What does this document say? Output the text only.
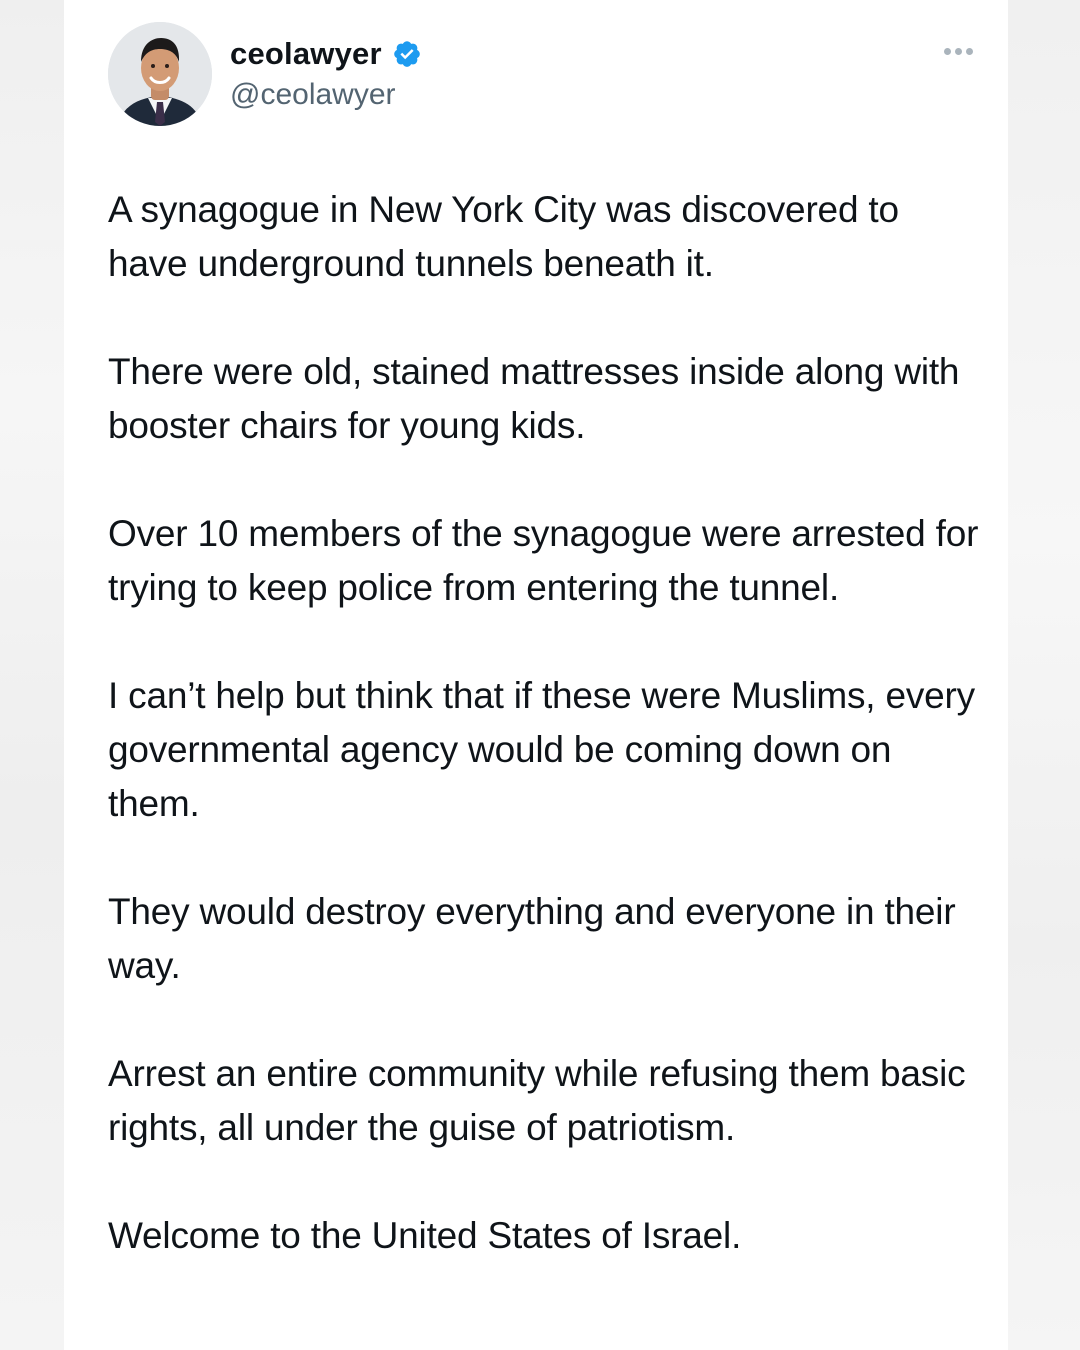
ceolawyer
@ceolawyer

A synagogue in New York City was discovered to have underground tunnels beneath it.

There were old, stained mattresses inside along with booster chairs for young kids.

Over 10 members of the synagogue were arrested for trying to keep police from entering the tunnel.

I can’t help but think that if these were Muslims, every governmental agency would be coming down on them.

They would destroy everything and everyone in their way.

Arrest an entire community while refusing them basic rights, all under the guise of patriotism.

Welcome to the United States of Israel.
